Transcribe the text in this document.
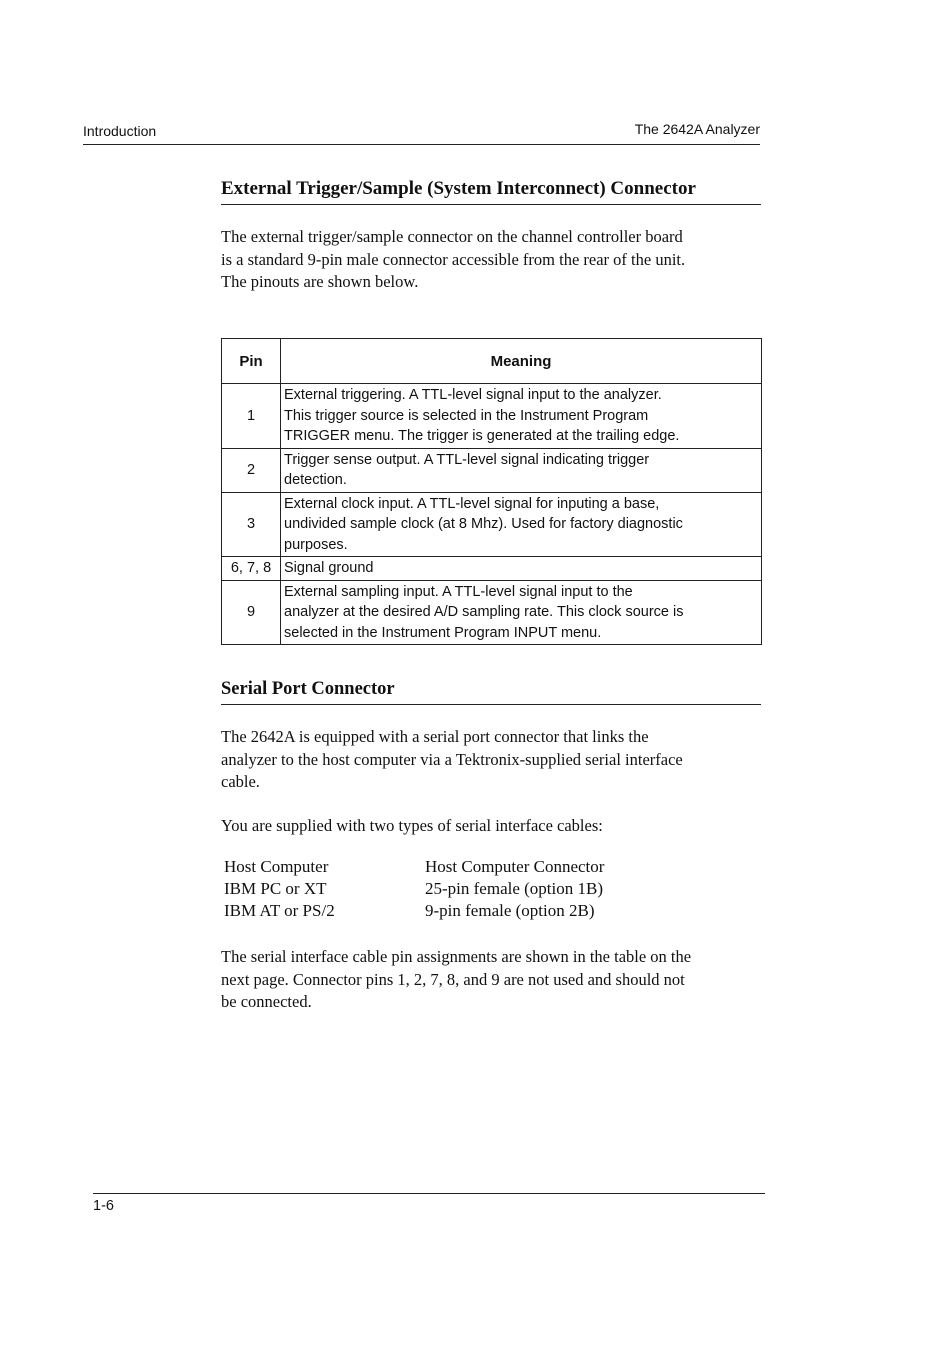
Introduction	The 2642A Analyzer
External Trigger/Sample (System Interconnect) Connector
The external trigger/sample connector on the channel controller board
is a standard 9-pin male connector accessible from the rear of the unit.
The pinouts are shown below.
Pin	Meaning
1	External triggering. A TTL-level signal input to the analyzer.
This trigger source is selected in the Instrument Program
TRIGGER menu. The trigger is generated at the trailing edge.

2	Trigger sense output. A TTL-level signal indicating trigger
detection.

3	External clock input. A TTL-level signal for inputing a base,
undivided sample clock (at 8 Mhz). Used for factory diagnostic
purposes.

6, 7, 8	Signal ground

9	External sampling input. A TTL-level signal input to the
analyzer at the desired A/D sampling rate. This clock source is
selected in the Instrument Program INPUT menu.
Serial Port Connector
The 2642A is equipped with a serial port connector that links the
analyzer to the host computer via a Tektronix-supplied serial interface
cable.
You are supplied with two types of serial interface cables:
Host Computer	Host Computer Connector
IBM PC or XT	25-pin female (option 1B)
IBM AT or PS/2	9-pin female (option 2B)
The serial interface cable pin assignments are shown in the table on the
next page. Connector pins 1, 2, 7, 8, and 9 are not used and should not
be connected.
1-6
